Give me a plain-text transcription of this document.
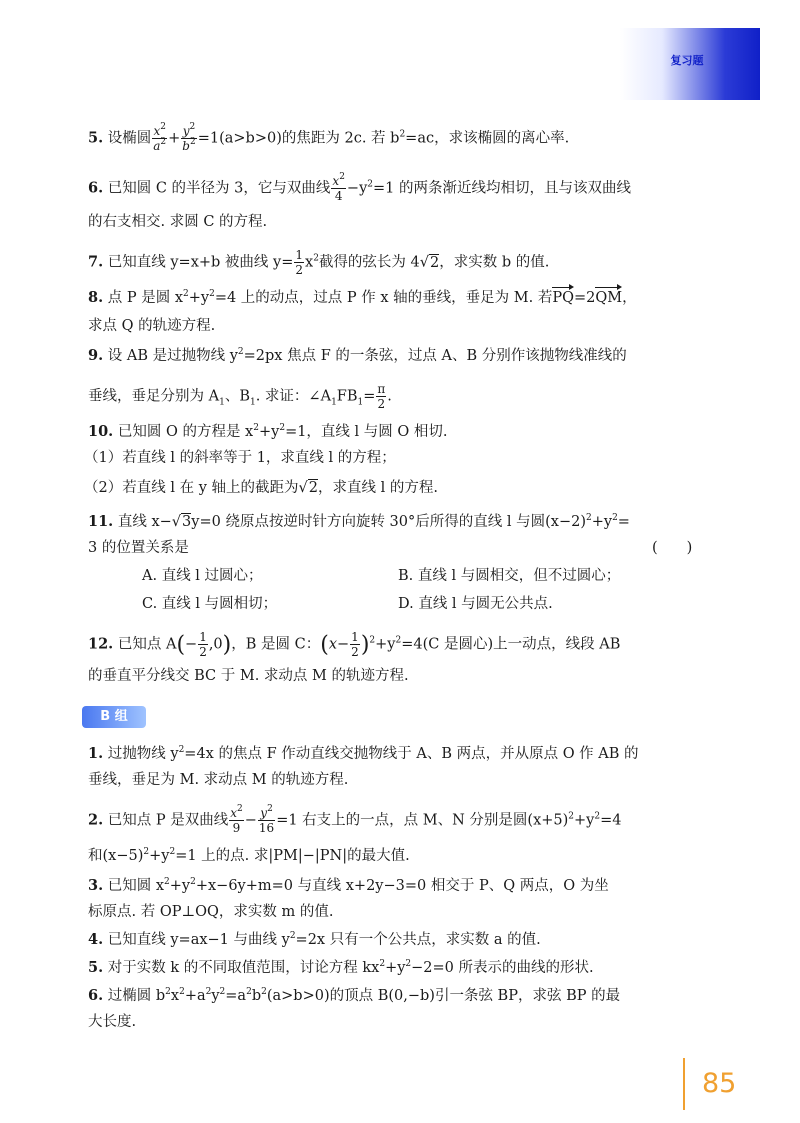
复习题
5. 设椭圆 $\frac{x^2}{a^2} + \frac{y^2}{b^2} =1(a>b>0)$的焦距为 2c. 若 $b^2=ac$，求该椭圆的离心率.
6. 已知圆 C 的半径为 3，它与双曲线 $\frac{x^2}{4} -y^2=1$ 的两条渐近线均相切，且与该双曲线
的右支相交. 求圆 C 的方程.
7. 已知直线 y=x+b 被曲线 $y= \frac{1}{2} x^2$截得的弦长为 4√2，求实数 b 的值.
8. 点 P 是圆 $x^2+y^2=4$ 上的动点，过点 P 作 x 轴的垂线，垂足为 M. 若PQ=2QM，
求点 Q 的轨迹方程.
9. 设 AB 是过抛物线 $y^2=2px$ 焦点 F 的一条弦，过点 A、B 分别作该抛物线准线的
垂线，垂足分别为 $A_1$、$B_1$. 求证：$\angle A_1FB_1= \frac{\pi}{2}$ .
10. 已知圆 O 的方程是 $x^2+y^2=1$，直线 l 与圆 O 相切.
（1）若直线 l 的斜率等于 1，求直线 l 的方程；
（2）若直线 l 在 y 轴上的截距为√2，求直线 l 的方程.
11. 直线 x−√3y=0 绕原点按逆时针方向旋转 30°后所得的直线 l 与圆$(x-2)^2+y^2=$
3 的位置关系是	(　　)
A. 直线 l 过圆心；	B. 直线 l 与圆相交，但不过圆心；
C. 直线 l 与圆相切；	D. 直线 l 与圆无公共点.
12. 已知点 $A(- \frac{1}{2} ,0)$，B 是圆 C：$(x- \frac{1}{2} )^2+y^2=4(C$ 是圆心)上一动点，线段 AB
的垂直平分线交 BC 于 M. 求动点 M 的轨迹方程.
B 组
1. 过抛物线 $y^2=4x$ 的焦点 F 作动直线交抛物线于 A、B 两点，并从原点 O 作 AB 的
垂线，垂足为 M. 求动点 M 的轨迹方程.
2. 已知点 P 是双曲线 $\frac{x^2}{9} - \frac{y^2}{16} =1$ 右支上的一点，点 M、N 分别是圆$(x+5)^2+y^2=4$
和$(x-5)^2+y^2=1$ 上的点. 求|PM|−|PN|的最大值.
3. 已知圆 $x^2+y^2+x-6y+m=0$ 与直线 x+2y−3=0 相交于 P、Q 两点，O 为坐
标原点. 若 OP⊥OQ，求实数 m 的值.
4. 已知直线 y=ax−1 与曲线 $y^2=2x$ 只有一个公共点，求实数 a 的值.
5. 对于实数 k 的不同取值范围，讨论方程 $kx^2+y^2-2=0$ 所表示的曲线的形状.
6. 过椭圆 $b^2x^2+a^2y^2=a^2b^2(a>b>0)$的顶点 B(0,−b)引一条弦 BP，求弦 BP 的最
大长度.
85
